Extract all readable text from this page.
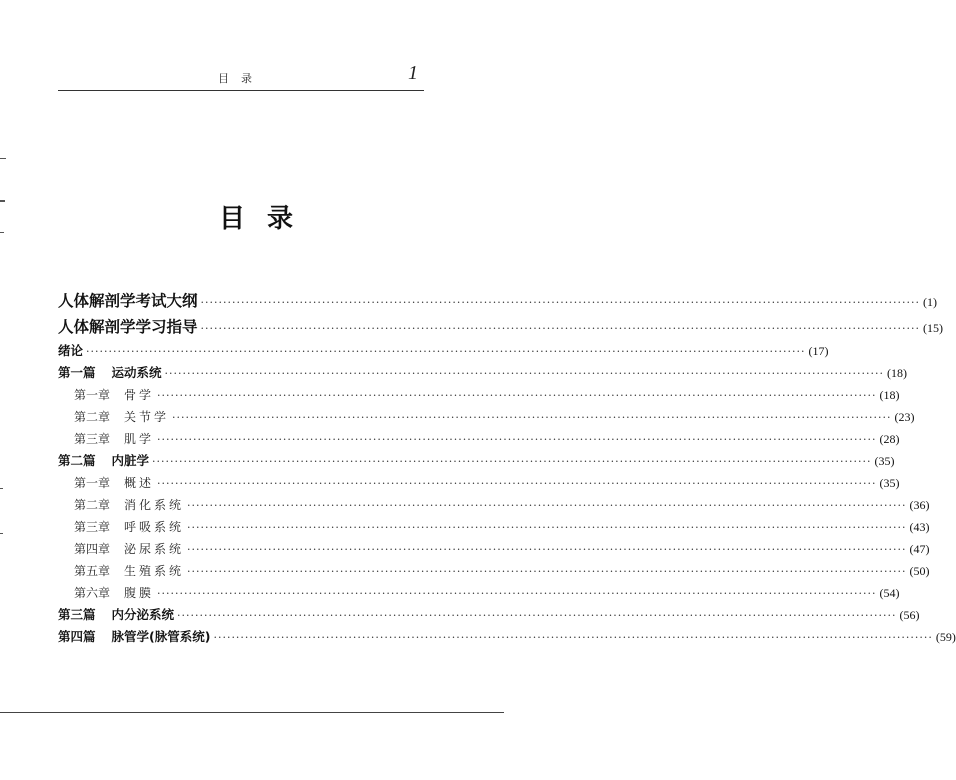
目录	1
目录
人体解剖学考试大纲 ································································································································································ (1)
人体解剖学学习指导 ································································································································································ (15)
绪论 ································································································································································ (17)
第一篇 运动系统 ································································································································································ (18)
第一章 骨学 ································································································································································ (18)
第二章 关节学 ································································································································································ (23)
第三章 肌学 ································································································································································ (28)
第二篇 内脏学 ································································································································································ (35)
第一章 概述 ································································································································································ (35)
第二章 消化系统 ································································································································································ (36)
第三章 呼吸系统 ································································································································································ (43)
第四章 泌尿系统 ································································································································································ (47)
第五章 生殖系统 ································································································································································ (50)
第六章 腹膜 ································································································································································ (54)
第三篇 内分泌系统 ································································································································································ (56)
第四篇 脉管学(脉管系统) ································································································································································ (59)
